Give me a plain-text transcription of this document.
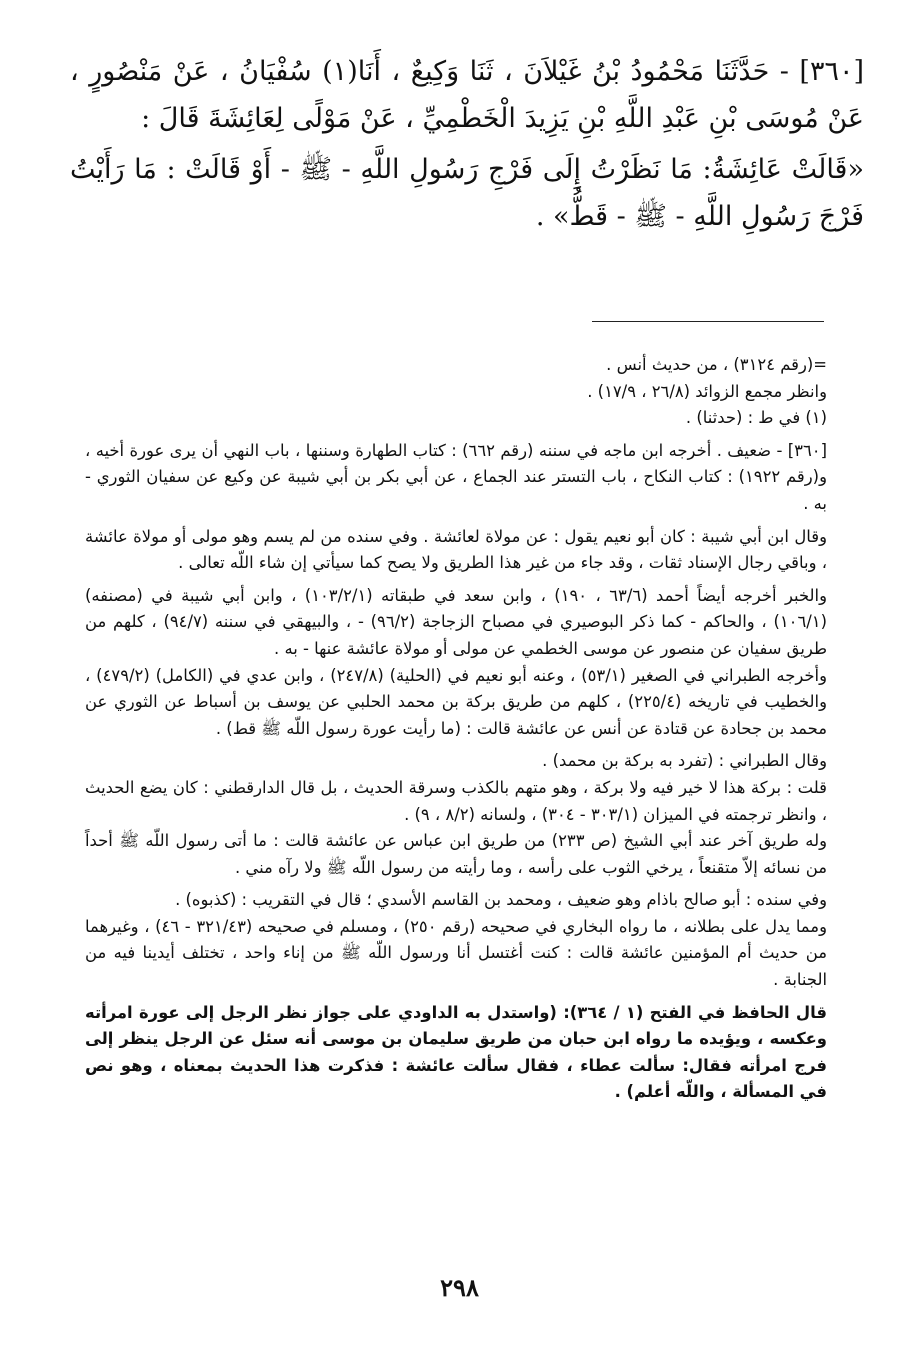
[٣٦٠] - حَدَّثَنَا مَحْمُودُ بْنُ غَيْلاَنَ ، ثَنَا وَكِيعٌ ، أَنَا(١) سُفْيَانُ ، عَنْ مَنْصُورٍ ، عَنْ مُوسَى بْنِ عَبْدِ اللَّهِ بْنِ يَزِيدَ الْخَطْمِيِّ ، عَنْ مَوْلًى لِعَائِشَةَ قَالَ :

«قَالَتْ عَائِشَةُ: مَا نَظَرْتُ إِلَى فَرْجِ رَسُولِ اللَّهِ - ﷺ - أَوْ قَالَتْ : مَا رَأَيْتُ فَرْجَ رَسُولِ اللَّهِ - ﷺ - قَطُّ» .

=(رقم ٣١٢٤) ، من حديث أنس .

وانظر مجمع الزوائد (٢٦/٨ ، ١٧/٩) .

(١) في ط : (حدثنا) .

[٣٦٠] - ضعيف . أخرجه ابن ماجه في سننه (رقم ٦٦٢) : كتاب الطهارة وسننها ، باب النهي أن يرى عورة أخيه ، و(رقم ١٩٢٢) : كتاب النكاح ، باب التستر عند الجماع ، عن أبي بكر بن أبي شيبة عن وكيع عن سفيان الثوري - به .

وقال ابن أبي شيبة : كان أبو نعيم يقول : عن مولاة لعائشة . وفي سنده من لم يسم وهو مولى أو مولاة عائشة ، وباقي رجال الإسناد ثقات ، وقد جاء من غير هذا الطريق ولا يصح كما سيأتي إن شاء اللّه تعالى .

والخبر أخرجه أيضاً أحمد (٦٣/٦ ، ١٩٠) ، وابن سعد في طبقاته (١٠٣/٢/١) ، وابن أبي شيبة في (مصنفه) (١٠٦/١) ، والحاكم - كما ذكر البوصيري في مصباح الزجاجة (٩٦/٢) - ، والبيهقي في سننه (٩٤/٧) ، كلهم من طريق سفيان عن منصور عن موسى الخطمي عن مولى أو مولاة عائشة عنها - به .

وأخرجه الطبراني في الصغير (٥٣/١) ، وعنه أبو نعيم في (الحلية) (٢٤٧/٨) ، وابن عدي في (الكامل) (٤٧٩/٢) ، والخطيب في تاريخه (٢٢٥/٤) ، كلهم من طريق بركة بن محمد الحلبي عن يوسف بن أسباط عن الثوري عن محمد بن جحادة عن قتادة عن أنس عن عائشة قالت : (ما رأيت عورة رسول اللّه ﷺ قط) .

وقال الطبراني : (تفرد به بركة بن محمد) .

قلت : بركة هذا لا خير فيه ولا بركة ، وهو متهم بالكذب وسرقة الحديث ، بل قال الدارقطني : كان يضع الحديث ، وانظر ترجمته في الميزان (٣٠٣/١ - ٣٠٤) ، ولسانه (٨/٢ ، ٩) .

وله طريق آخر عند أبي الشيخ (ص ٢٣٣) من طريق ابن عباس عن عائشة قالت : ما أتى رسول اللّه ﷺ أحداً من نسائه إلاّ متقنعاً ، يرخي الثوب على رأسه ، وما رأيته من رسول اللّه ﷺ ولا رآه مني .

وفي سنده : أبو صالح باذام وهو ضعيف ، ومحمد بن القاسم الأسدي ؛ قال في التقريب : (كذبوه) .

ومما يدل على بطلانه ، ما رواه البخاري في صحيحه (رقم ٢٥٠) ، ومسلم في صحيحه (٣٢١/٤٣ - ٤٦) ، وغيرهما من حديث أم المؤمنين عائشة قالت : كنت أغتسل أنا ورسول اللّه ﷺ من إناء واحد ، تختلف أيدينا فيه من الجنابة .

قال الحافظ في الفتح (١ / ٣٦٤): (واستدل به الداودي على جواز نظر الرجل إلى عورة امرأته وعكسه ، ويؤيده ما رواه ابن حبان من طريق سليمان بن موسى أنه سئل عن الرجل ينظر إلى فرج امرأته فقال: سألت عطاء ، فقال سألت عائشة : فذكرت هذا الحديث بمعناه ، وهو نص في المسألة ، واللّه أعلم) .

٢٩٨
